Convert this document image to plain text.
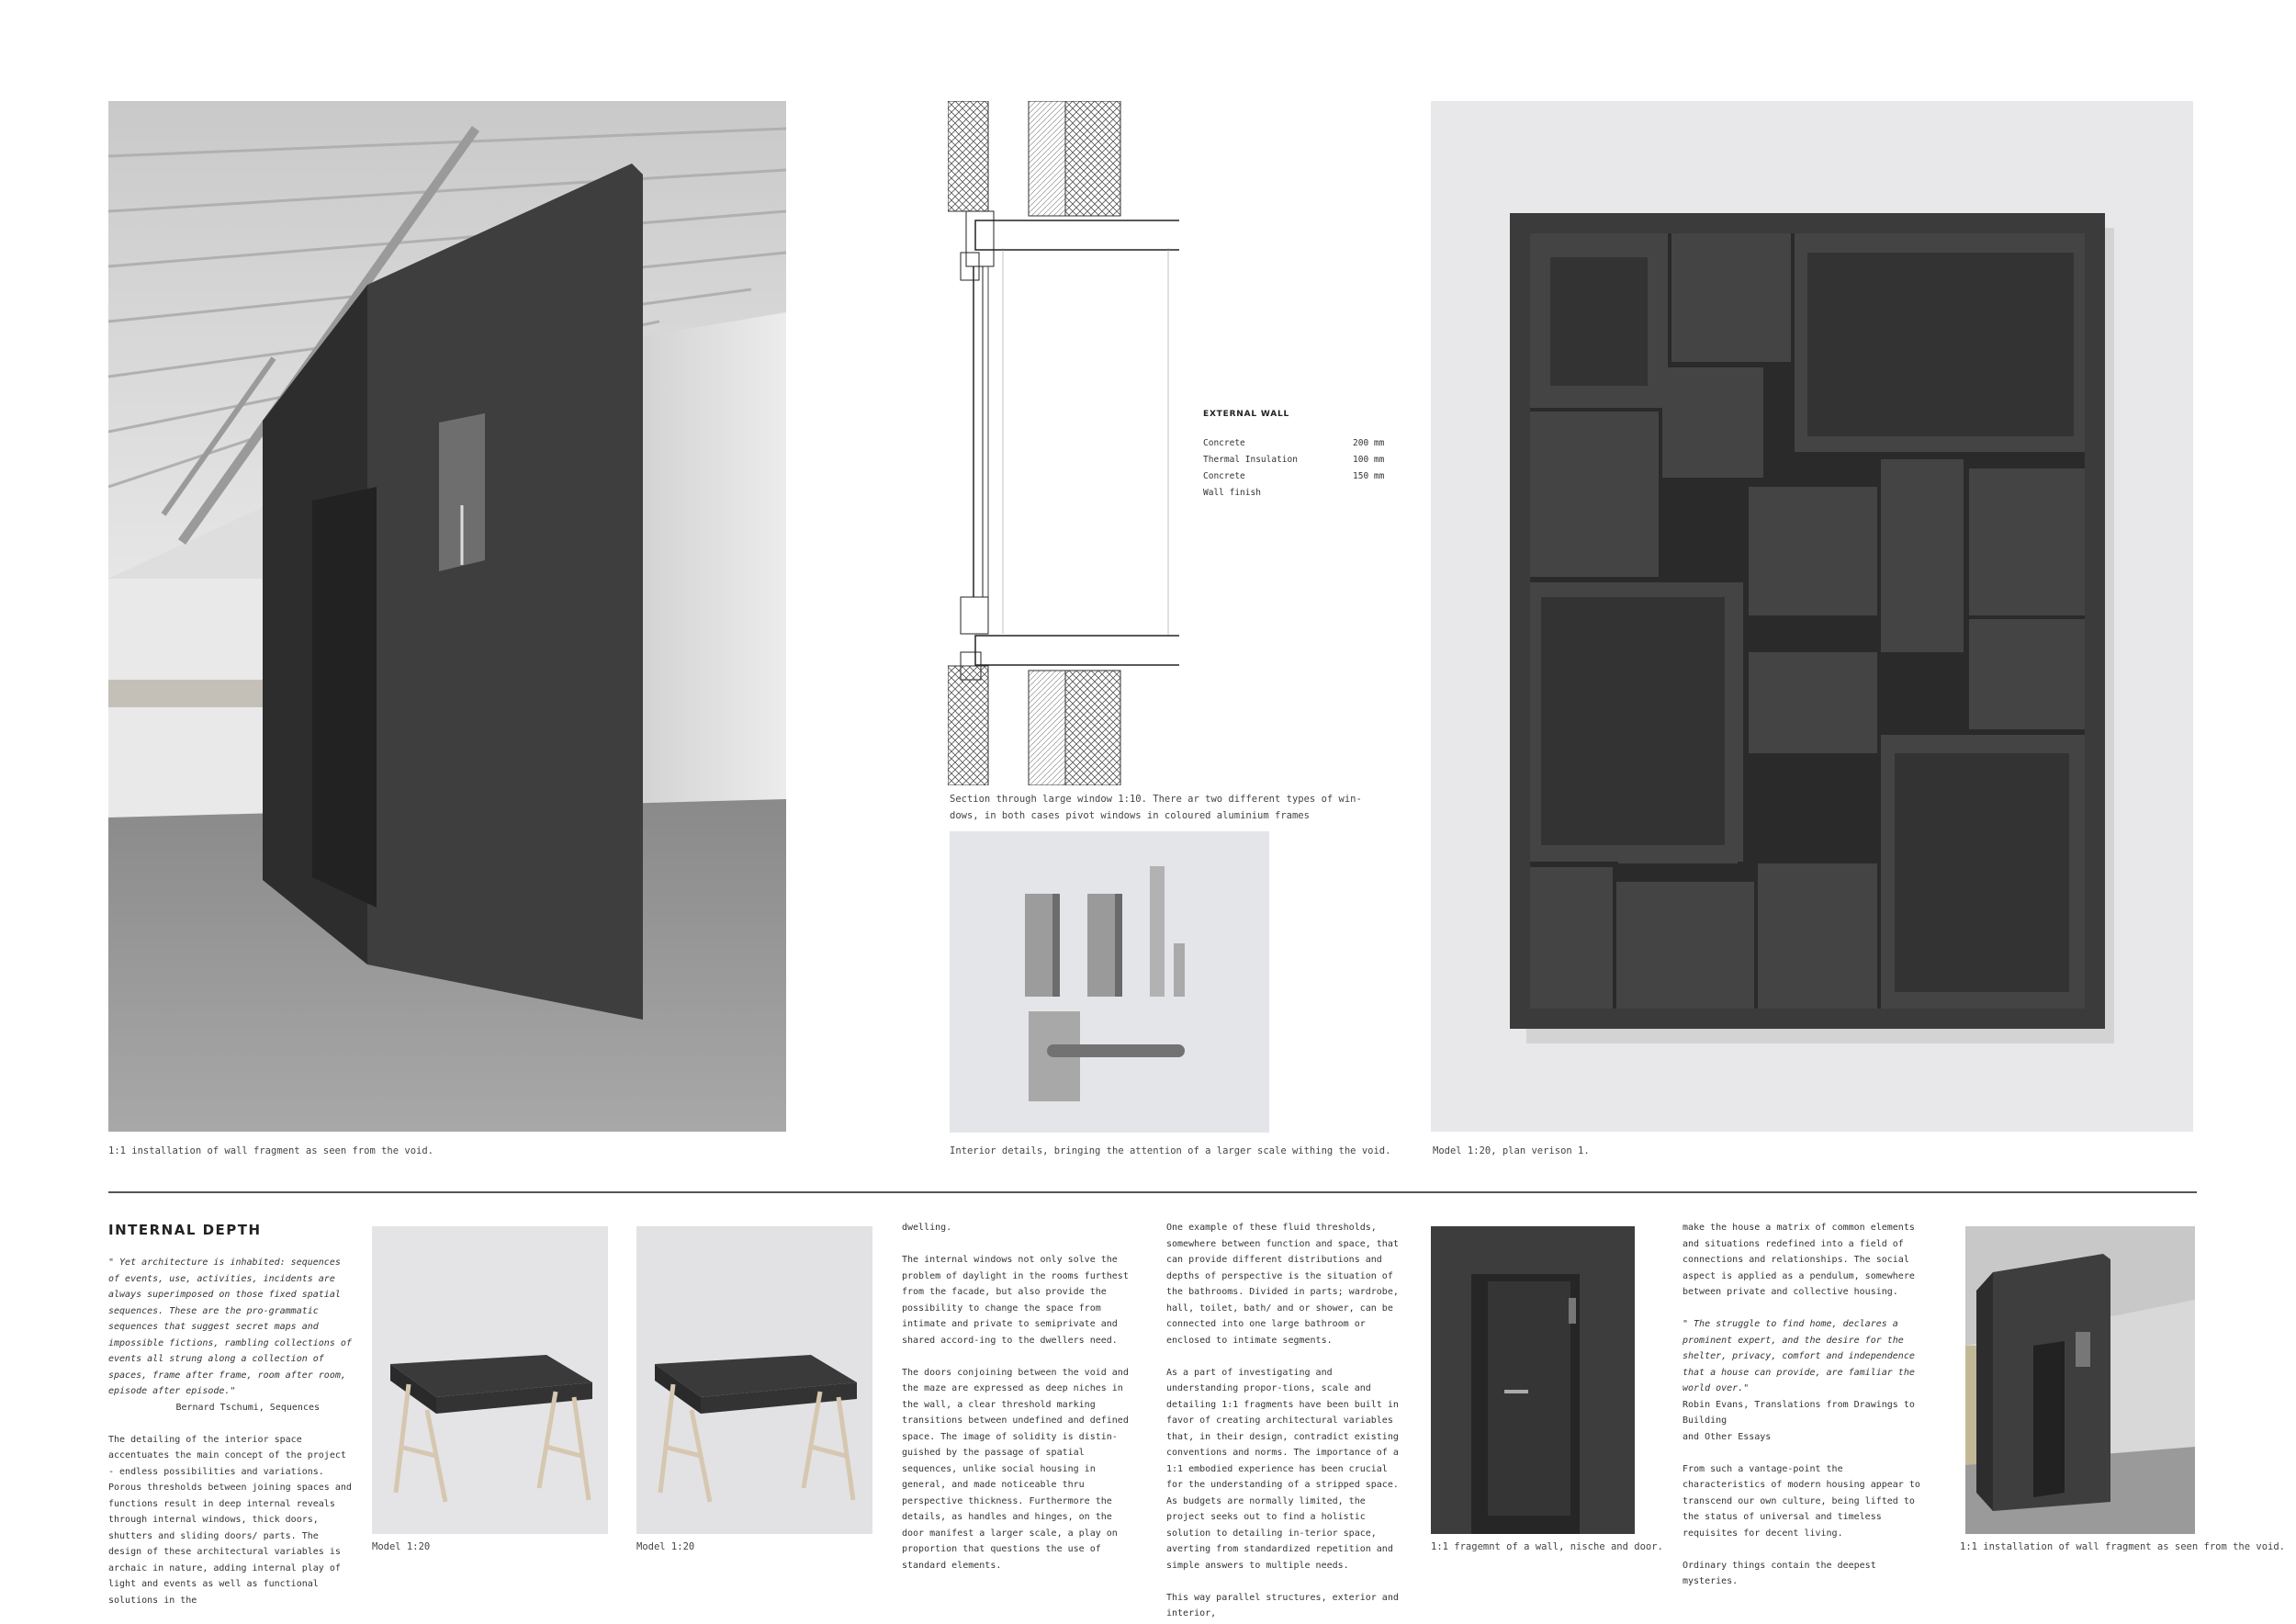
1:1 installation of wall fragment as seen from the void.
Section through large window 1:10. There ar two different types of win-
dows, in both cases pivot windows in coloured aluminium frames
EXTERNAL WALL
Concrete	200 mm
Thermal Insulation	100 mm
Concrete	150 mm
Wall finish
Interior details, bringing the attention of a larger scale withing the void.	Model 1:20, plan verison 1.
INTERNAL DEPTH

" Yet architecture is inhabited: sequences of events, use, activities, incidents are always superimposed on those fixed spatial sequences. These are the pro-grammatic sequences that suggest secret maps and impossible fictions, rambling collections of events all strung along a collection of spaces, frame after frame, room after room, episode after episode."
Bernard Tschumi, Sequences

The detailing of the interior space accentuates the main concept of the project - endless possibilities and variations. Porous thresholds between joining spaces and functions result in deep internal reveals through internal windows, thick doors, shutters and sliding doors/ parts. The design of these architectural variables is archaic in nature, adding internal play of light and events as well as functional solutions in the

Model 1:20	Model 1:20

dwelling.

The internal windows not only solve the problem of daylight in the rooms furthest from the facade, but also provide the possibility to change the space from intimate and private to semiprivate and shared accord-ing to the dwellers need.

The doors conjoining between the void and the maze are expressed as deep niches in the wall, a clear threshold marking transitions between undefined and defined space. The image of solidity is distin-guished by the passage of spatial sequences, unlike social housing in general, and made noticeable thru perspective thickness. Furthermore the details, as handles and hinges, on the door manifest a larger scale, a play on proportion that questions the use of standard elements.

One example of these fluid thresholds, somewhere between function and space, that can provide different distributions and depths of perspective is the situation of the bathrooms. Divided in parts; wardrobe, hall, toilet, bath/ and or shower, can be connected into one large bathroom or enclosed to intimate segments.

As a part of investigating and understanding propor-tions, scale and detailing 1:1 fragments have been built in favor of creating architectural variables that, in their design, contradict existing conventions and norms. The importance of a 1:1 embodied experience has been crucial for the understanding of a stripped space. As budgets are normally limited, the project seeks out to find a holistic solution to detailing in-terior space, averting from standardized repetition and simple answers to multiple needs.

This way parallel structures, exterior and interior,

1:1 fragemnt of a wall, nische and door.

make the house a matrix of common elements and situations redefined into a field of connections and relationships. The social aspect is applied as a pendulum, somewhere between private and collective housing.

" The struggle to find home, declares a prominent expert, and the desire for the shelter, privacy, comfort and independence that a house can provide, are familiar the world over."
Robin Evans, Translations from Drawings to Building
and Other Essays

From such a vantage-point the characteristics of modern housing appear to transcend our own culture, being lifted to the status of universal and timeless requisites for decent living.

Ordinary things contain the deepest mysteries.

1:1 installation of wall fragment as seen from the void.
